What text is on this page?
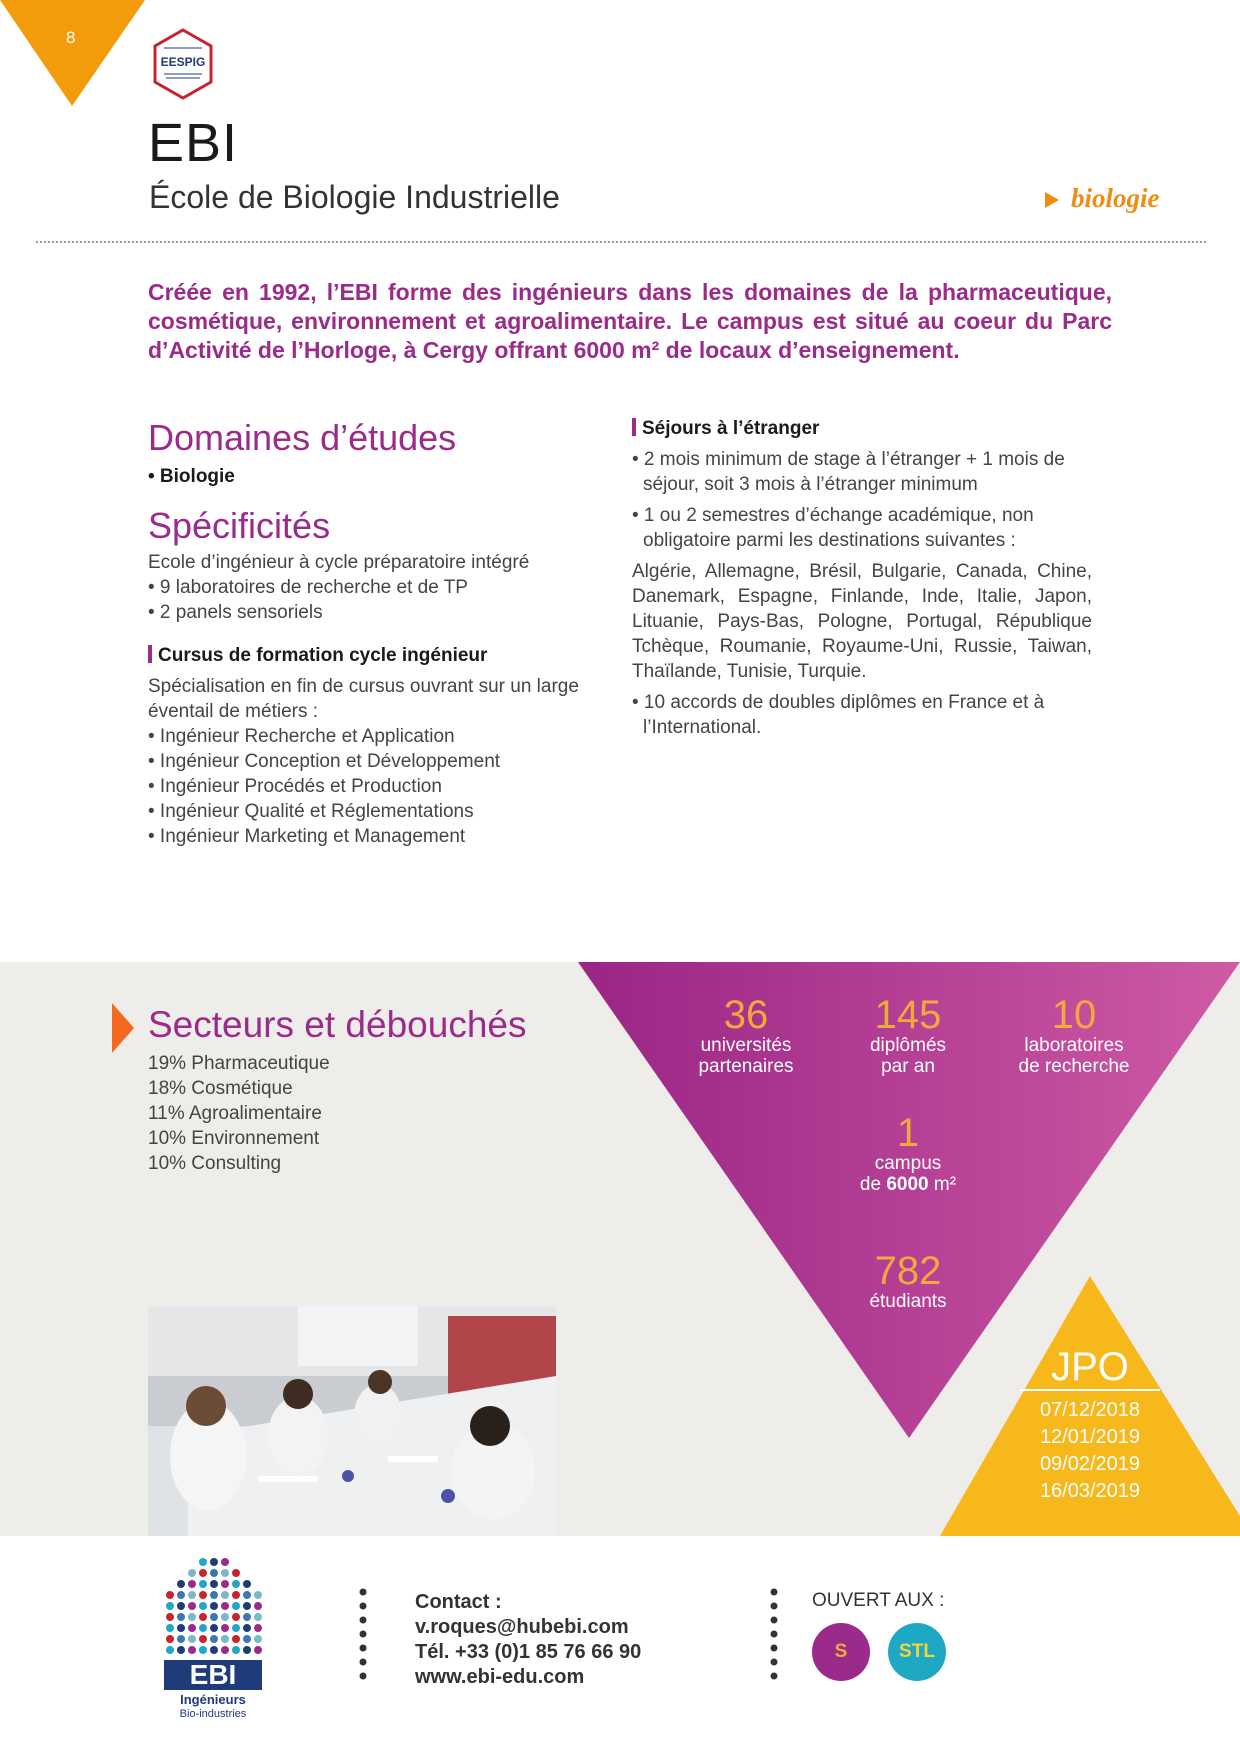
8
EESPIG
EBI
École de Biologie Industrielle	biologie
Créée en 1992, l’EBI forme des ingénieurs dans les domaines de la pharmaceutique, cosmétique, environnement et agroalimentaire. Le campus est situé au coeur du Parc d’Activité de l’Horloge, à Cergy offrant 6000 m² de locaux d’enseignement.
Domaines d’études
• Biologie
Spécificités
Ecole d’ingénieur à cycle préparatoire intégré
• 9 laboratoires de recherche et de TP
• 2 panels sensoriels
Cursus de formation cycle ingénieur
Spécialisation en fin de cursus ouvrant sur un large éventail de métiers :
• Ingénieur Recherche et Application
• Ingénieur Conception et Développement
• Ingénieur Procédés et Production
• Ingénieur Qualité et Réglementations
• Ingénieur Marketing et Management
Séjours à l’étranger
• 2 mois minimum de stage à l’étranger + 1 mois de séjour, soit 3 mois à l’étranger minimum
• 1 ou 2 semestres d’échange académique, non obligatoire parmi les destinations suivantes :
Algérie, Allemagne, Brésil, Bulgarie, Canada, Chine, Danemark, Espagne, Finlande, Inde, Italie, Japon, Lituanie, Pays-Bas, Pologne, Portugal, République Tchèque, Roumanie, Royaume-Uni, Russie, Taiwan, Thaïlande, Tunisie, Turquie.
• 10 accords de doubles diplômes en France et à l’International.
Secteurs et débouchés
19% Pharmaceutique
18% Cosmétique
11% Agroalimentaire
10% Environnement
10% Consulting
36
universités
partenaires
145
diplômés
par an
10
laboratoires
de recherche
1
campus
de 6000 m²
782
étudiants
JPO
07/12/2018
12/01/2019
09/02/2019
16/03/2019
EBI
Ingénieurs
Bio-industries
Contact :
v.roques@hubebi.com
Tél. +33 (0)1 85 76 66 90
www.ebi-edu.com
OUVERT AUX :
S	STL
